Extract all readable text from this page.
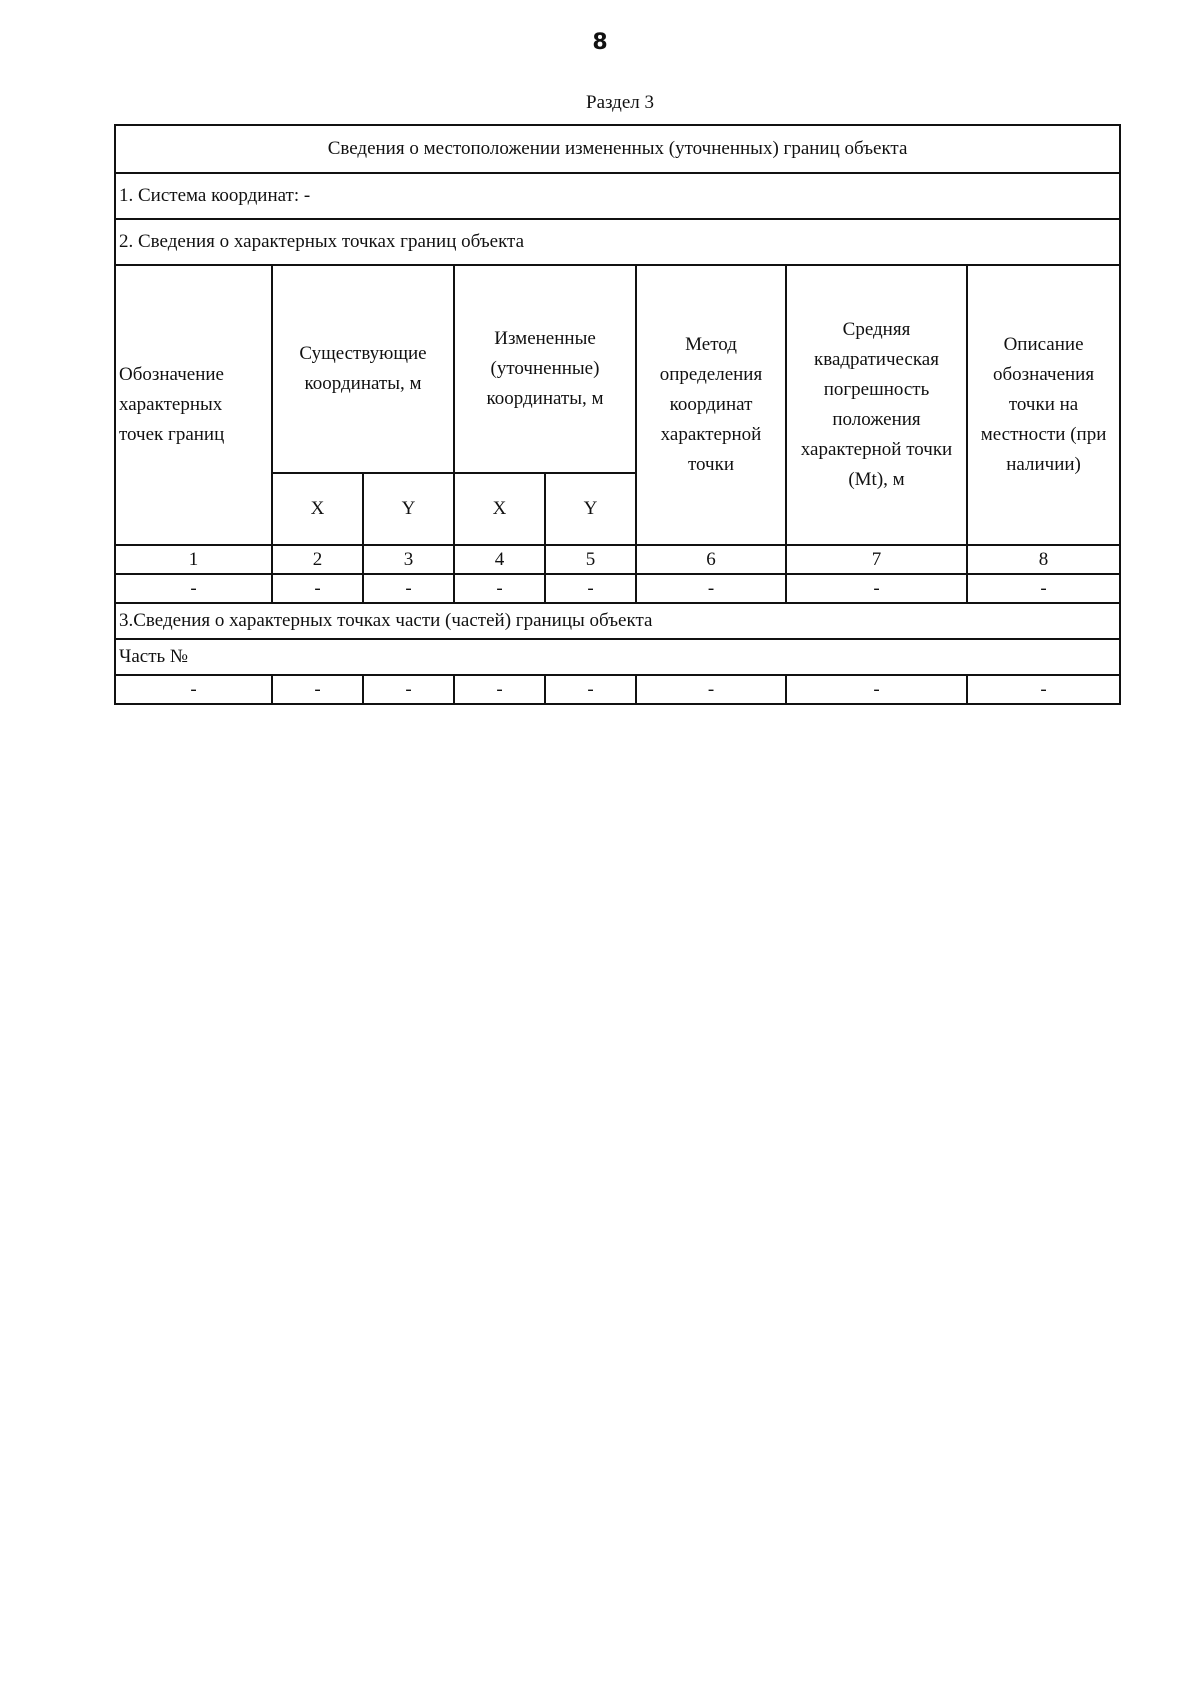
8
Раздел 3
Сведения о местоположении измененных (уточненных) границ объекта							
1. Система координат: -							
2. Сведения о характерных точках границ объекта							
Обозначение характерных точек границ	Существующие координаты, м		Измененные (уточненные) координаты, м		Метод определения координат характерной точки	Средняя квадратическая погрешность положения характерной точки (Mt), м	Описание обозначения точки на местности (при наличии)
	X	Y	X	Y			
1	2	3	4	5	6	7	8
-	-	-	-	-	-	-	-
3.Сведения о характерных точках части (частей) границы объекта							
Часть №							
-	-	-	-	-	-	-	-
